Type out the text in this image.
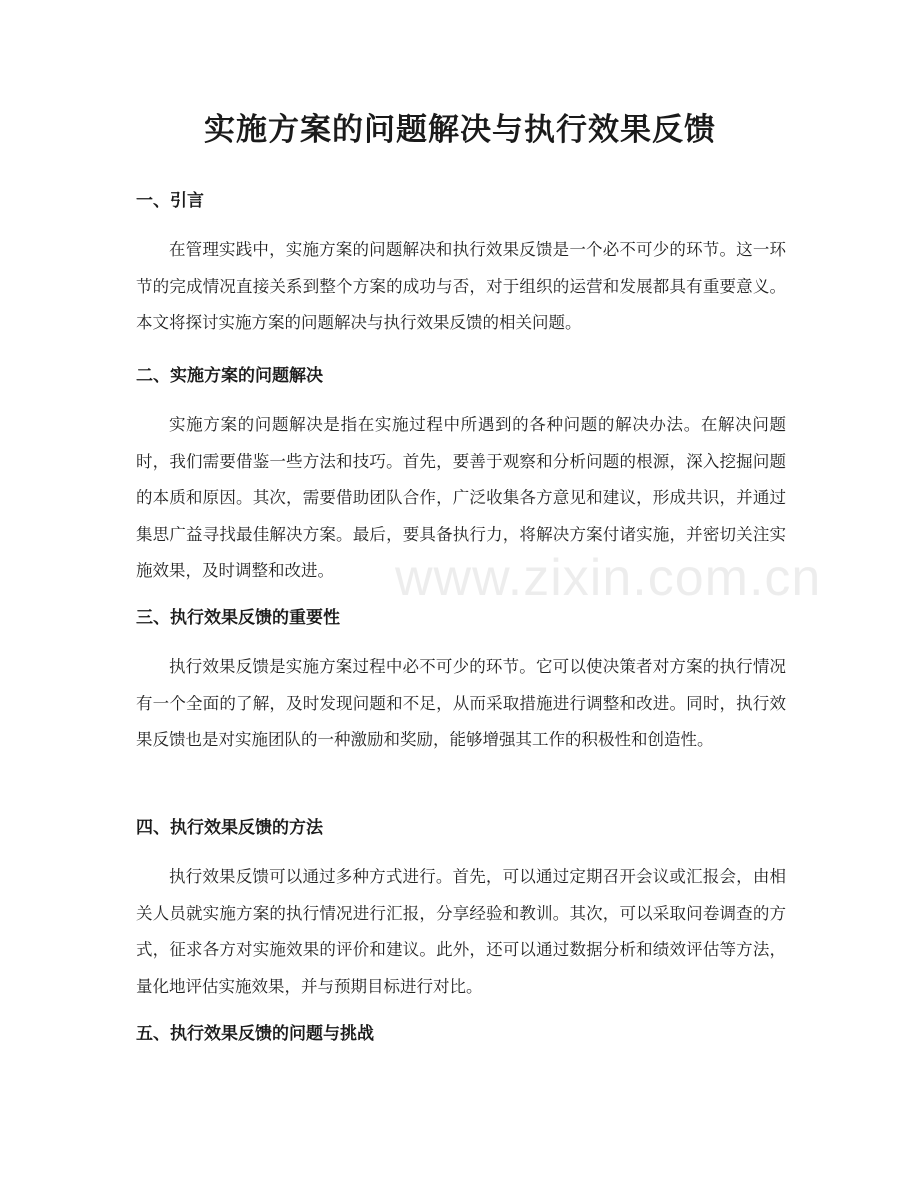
实施方案的问题解决与执行效果反馈
一、引言

在管理实践中，实施方案的问题解决和执行效果反馈是一个必不可少的环节。这一环节的完成情况直接关系到整个方案的成功与否，对于组织的运营和发展都具有重要意义。本文将探讨实施方案的问题解决与执行效果反馈的相关问题。

二、实施方案的问题解决

实施方案的问题解决是指在实施过程中所遇到的各种问题的解决办法。在解决问题时，我们需要借鉴一些方法和技巧。首先，要善于观察和分析问题的根源，深入挖掘问题的本质和原因。其次，需要借助团队合作，广泛收集各方意见和建议，形成共识，并通过集思广益寻找最佳解决方案。最后，要具备执行力，将解决方案付诸实施，并密切关注实施效果，及时调整和改进。

三、执行效果反馈的重要性

执行效果反馈是实施方案过程中必不可少的环节。它可以使决策者对方案的执行情况有一个全面的了解，及时发现问题和不足，从而采取措施进行调整和改进。同时，执行效果反馈也是对实施团队的一种激励和奖励，能够增强其工作的积极性和创造性。

四、执行效果反馈的方法

执行效果反馈可以通过多种方式进行。首先，可以通过定期召开会议或汇报会，由相关人员就实施方案的执行情况进行汇报，分享经验和教训。其次，可以采取问卷调查的方式，征求各方对实施效果的评价和建议。此外，还可以通过数据分析和绩效评估等方法，量化地评估实施效果，并与预期目标进行对比。

五、执行效果反馈的问题与挑战
www.zixin.com.cn
